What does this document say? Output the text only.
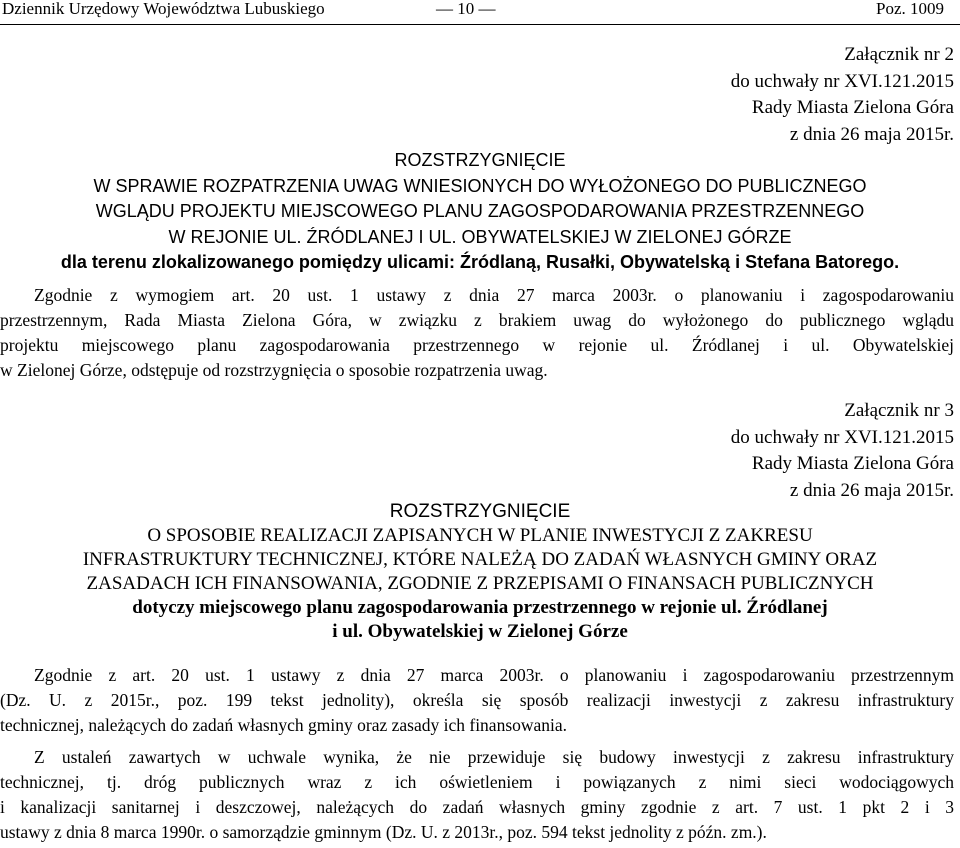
Dziennik Urzędowy Województwa Lubuskiego	— 10 —	Poz. 1009
Załącznik nr 2
do uchwały nr XVI.121.2015
Rady Miasta Zielona Góra
z dnia 26 maja 2015r.
ROZSTRZYGNIĘCIE
W SPRAWIE ROZPATRZENIA UWAG WNIESIONYCH DO WYŁOŻONEGO DO PUBLICZNEGO
WGLĄDU PROJEKTU MIEJSCOWEGO PLANU ZAGOSPODAROWANIA PRZESTRZENNEGO
W REJONIE UL. ŹRÓDLANEJ I UL. OBYWATELSKIEJ W ZIELONEJ GÓRZE
dla terenu zlokalizowanego pomiędzy ulicami: Źródlaną, Rusałki, Obywatelską i Stefana Batorego.
Zgodnie z wymogiem art. 20 ust. 1 ustawy z dnia 27 marca 2003r. o planowaniu i zagospodarowaniu
przestrzennym, Rada Miasta Zielona Góra, w związku z brakiem uwag do wyłożonego do publicznego wglądu
projektu miejscowego planu zagospodarowania przestrzennego w rejonie ul. Źródlanej i ul. Obywatelskiej
w Zielonej Górze, odstępuje od rozstrzygnięcia o sposobie rozpatrzenia uwag.
Załącznik nr 3
do uchwały nr XVI.121.2015
Rady Miasta Zielona Góra
z dnia 26 maja 2015r.
ROZSTRZYGNIĘCIE
O SPOSOBIE REALIZACJI ZAPISANYCH W PLANIE INWESTYCJI Z ZAKRESU
INFRASTRUKTURY TECHNICZNEJ, KTÓRE NALEŻĄ DO ZADAŃ WŁASNYCH GMINY ORAZ
ZASADACH ICH FINANSOWANIA, ZGODNIE Z PRZEPISAMI O FINANSACH PUBLICZNYCH
dotyczy miejscowego planu zagospodarowania przestrzennego w rejonie ul. Źródlanej
i ul. Obywatelskiej w Zielonej Górze
Zgodnie z art. 20 ust. 1 ustawy z dnia 27 marca 2003r. o planowaniu i zagospodarowaniu przestrzennym
(Dz. U. z 2015r., poz. 199 tekst jednolity), określa się sposób realizacji inwestycji z zakresu infrastruktury
technicznej, należących do zadań własnych gminy oraz zasady ich finansowania.
Z ustaleń zawartych w uchwale wynika, że nie przewiduje się budowy inwestycji z zakresu infrastruktury
technicznej, tj. dróg publicznych wraz z ich oświetleniem i powiązanych z nimi sieci wodociągowych
i kanalizacji sanitarnej i deszczowej, należących do zadań własnych gminy zgodnie z art. 7 ust. 1 pkt 2 i 3
ustawy z dnia 8 marca 1990r. o samorządzie gminnym (Dz. U. z 2013r., poz. 594 tekst jednolity z późn. zm.).
